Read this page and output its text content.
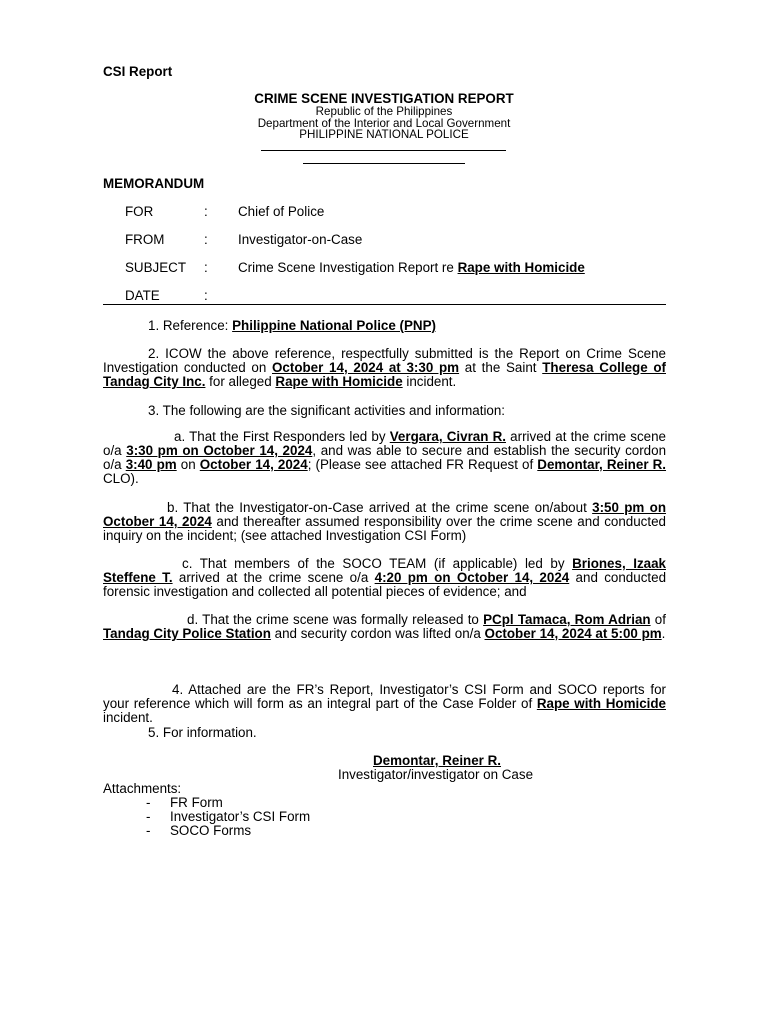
CSI Report
CRIME SCENE INVESTIGATION REPORT
Republic of the Philippines
Department of the Interior and Local Government
PHILIPPINE NATIONAL POLICE
MEMORANDUM
FOR	: Chief of Police
FROM	: Investigator-on-Case
SUBJECT : Crime Scene Investigation Report re Rape with Homicide
DATE	:
1. Reference: Philippine National Police (PNP)
2. ICOW the above reference, respectfully submitted is the Report on Crime Scene Investigation conducted on October 14, 2024 at 3:30 pm at the Saint Theresa College of Tandag City Inc. for alleged Rape with Homicide incident.
3. The following are the significant activities and information:
a. That the First Responders led by Vergara, Civran R. arrived at the crime scene o/a 3:30 pm on October 14, 2024, and was able to secure and establish the security cordon o/a 3:40 pm on October 14, 2024; (Please see attached FR Request of Demontar, Reiner R. CLO).
b. That the Investigator-on-Case arrived at the crime scene on/about 3:50 pm on October 14, 2024 and thereafter assumed responsibility over the crime scene and conducted inquiry on the incident; (see attached Investigation CSI Form)
c. That members of the SOCO TEAM (if applicable) led by Briones, Izaak Steffene T. arrived at the crime scene o/a 4:20 pm on October 14, 2024 and conducted forensic investigation and collected all potential pieces of evidence; and
d. That the crime scene was formally released to PCpl Tamaca, Rom Adrian of Tandag City Police Station and security cordon was lifted on/a October 14, 2024 at 5:00 pm.
4. Attached are the FR’s Report, Investigator’s CSI Form and SOCO reports for your reference which will form as an integral part of the Case Folder of Rape with Homicide incident.
5. For information.
Demontar, Reiner R.
Investigator/investigator on Case
Attachments:
- FR Form
- Investigator’s CSI Form
- SOCO Forms
